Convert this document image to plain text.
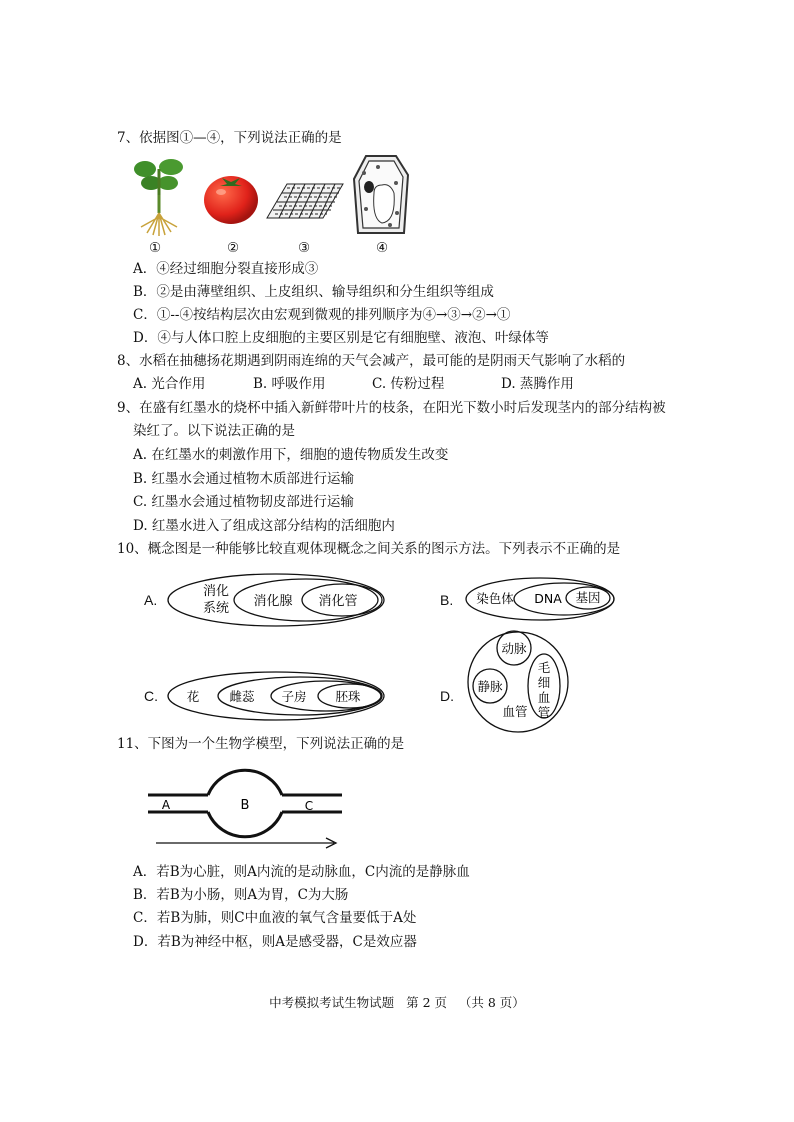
7、依据图①—④，下列说法正确的是
①	②	③	④
A．④经过细胞分裂直接形成③
B．②是由薄壁组织、上皮组织、输导组织和分生组织等组成
C．①--④按结构层次由宏观到微观的排列顺序为④→③→②→①
D．④与人体口腔上皮细胞的主要区别是它有细胞壁、液泡、叶绿体等
8、水稻在抽穗扬花期遇到阴雨连绵的天气会减产，最可能的是阴雨天气影响了水稻的
A. 光合作用	B. 呼吸作用	C. 传粉过程	D. 蒸腾作用
9、在盛有红墨水的烧杯中插入新鲜带叶片的枝条，在阳光下数小时后发现茎内的部分结构被
染红了。以下说法正确的是
A. 在红墨水的刺激作用下，细胞的遗传物质发生改变
B. 红墨水会通过植物木质部进行运输
C. 红墨水会通过植物韧皮部进行运输
D. 红墨水进入了组成这部分结构的活细胞内
10、概念图是一种能够比较直观体现概念之间关系的图示方法。下列表示不正确的是
A.
消化
系统 消化腺 消化管	B. 染色体 DNA 基因
C. 花 雌蕊 子房 胚珠	D.
动脉
静脉
血管
毛
细
血
管
11、下图为一个生物学模型，下列说法正确的是
A	B	C
A．若B为心脏，则A内流的是动脉血，C内流的是静脉血
B．若B为小肠，则A为胃，C为大肠
C．若B为肺，则C中血液的氧气含量要低于A处
D．若B为神经中枢，则A是感受器，C是效应器
中考模拟考试生物试题   第 2 页   （共 8 页）
